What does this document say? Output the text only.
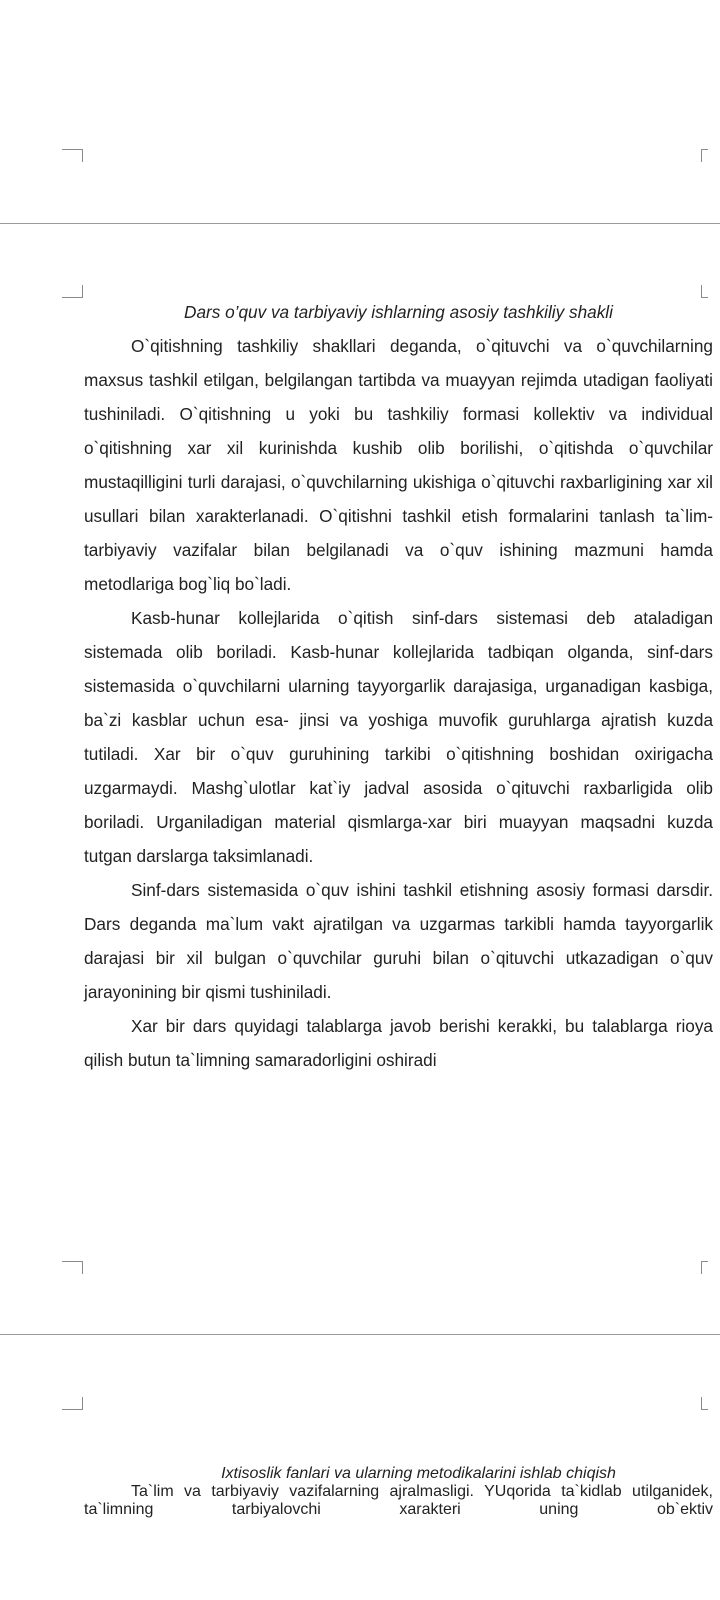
Dars o’quv va tarbiyaviy ishlarning asosiy tashkiliy shakli

O`qitishning tashkiliy shakllari deganda, o`qituvchi va o`quvchilarning maxsus tashkil etilgan, belgilangan tartibda va muayyan rejimda utadigan faoliyati tushiniladi. O`qitishning u yoki bu tashkiliy formasi kollektiv va individual o`qitishning xar xil kurinishda kushib olib borilishi, o`qitishda o`quvchilar mustaqilligini turli darajasi, o`quvchilarning ukishiga o`qituvchi raxbarligining xar xil usullari bilan xarakterlanadi. O`qitishni tashkil etish formalarini tanlash ta`lim-tarbiyaviy vazifalar bilan belgilanadi va o`quv ishining mazmuni hamda metodlariga bog`liq bo`ladi.

Kasb-hunar kollejlarida o`qitish sinf-dars sistemasi deb ataladigan sistemada olib boriladi. Kasb-hunar kollejlarida tadbiqan olganda, sinf-dars sistemasida o`quvchilarni ularning tayyorgarlik darajasiga, urganadigan kasbiga, ba`zi kasblar uchun esa- jinsi va yoshiga muvofik guruhlarga ajratish kuzda tutiladi. Xar bir o`quv guruhining tarkibi o`qitishning boshidan oxirigacha uzgarmaydi. Mashg`ulotlar kat`iy jadval asosida o`qituvchi raxbarligida olib boriladi. Urganiladigan material qismlarga-xar biri muayyan maqsadni kuzda tutgan darslarga taksimlanadi.

Sinf-dars sistemasida o`quv ishini tashkil etishning asosiy formasi darsdir. Dars deganda ma`lum vakt ajratilgan va uzgarmas tarkibli hamda tayyorgarlik darajasi bir xil bulgan o`quvchilar guruhi bilan o`qituvchi utkazadigan o`quv jarayonining bir qismi tushiniladi.

Xar bir dars quyidagi talablarga javob berishi kerakki, bu talablarga rioya qilish butun ta`limning samaradorligini oshiradi

Ixtisoslik fanlari va ularning metodikalarini ishlab chiqish

Ta`lim va tarbiyaviy vazifalarning ajralmasligi. YUqorida ta`kidlab utilganidek, ta`limning tarbiyalovchi xarakteri uning ob`ektiv
